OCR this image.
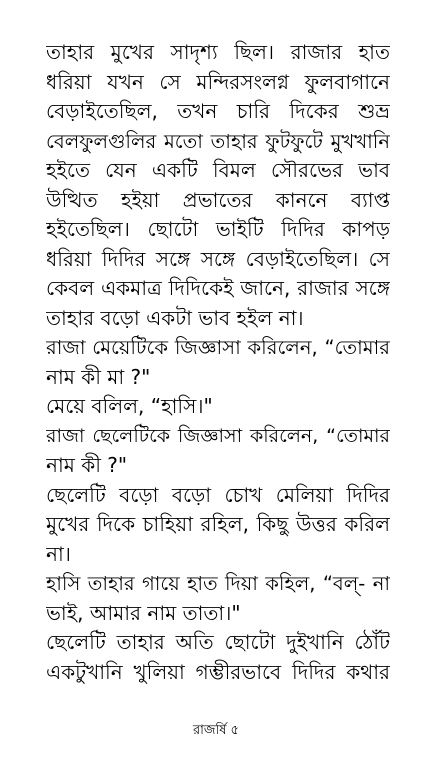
তাহার মুখের সাদৃশ্য ছিল। রাজার হাত
ধরিয়া যখন সে মন্দিরসংলগ্ন ফুলবাগানে
বেড়াইতেছিল, তখন চারি দিকের শুভ্র
বেলফুলগুলির মতো তাহার ফুটফুটে মুখখানি
হইতে যেন একটি বিমল সৌরভের ভাব
উত্থিত হইয়া প্রভাতের কাননে ব্যাপ্ত
হইতেছিল। ছোটো ভাইটি দিদির কাপড়
ধরিয়া দিদির সঙ্গে সঙ্গে বেড়াইতেছিল। সে
কেবল একমাত্র দিদিকেই জানে, রাজার সঙ্গে
তাহার বড়ো একটা ভাব হইল না।
রাজা মেয়েটিকে জিজ্ঞাসা করিলেন, “তোমার
নাম কী মা ?"
মেয়ে বলিল, “হাসি।"
রাজা ছেলেটিকে জিজ্ঞাসা করিলেন, “তোমার
নাম কী ?"
ছেলেটি বড়ো বড়ো চোখ মেলিয়া দিদির
মুখের দিকে চাহিয়া রহিল, কিছু উত্তর করিল
না।
হাসি তাহার গায়ে হাত দিয়া কহিল, “বল্‌- না
ভাই, আমার নাম তাতা।"
ছেলেটি তাহার অতি ছোটো দুইখানি ঠোঁট
একটুখানি খুলিয়া গম্ভীরভাবে দিদির কথার
রাজর্ষি ৫
